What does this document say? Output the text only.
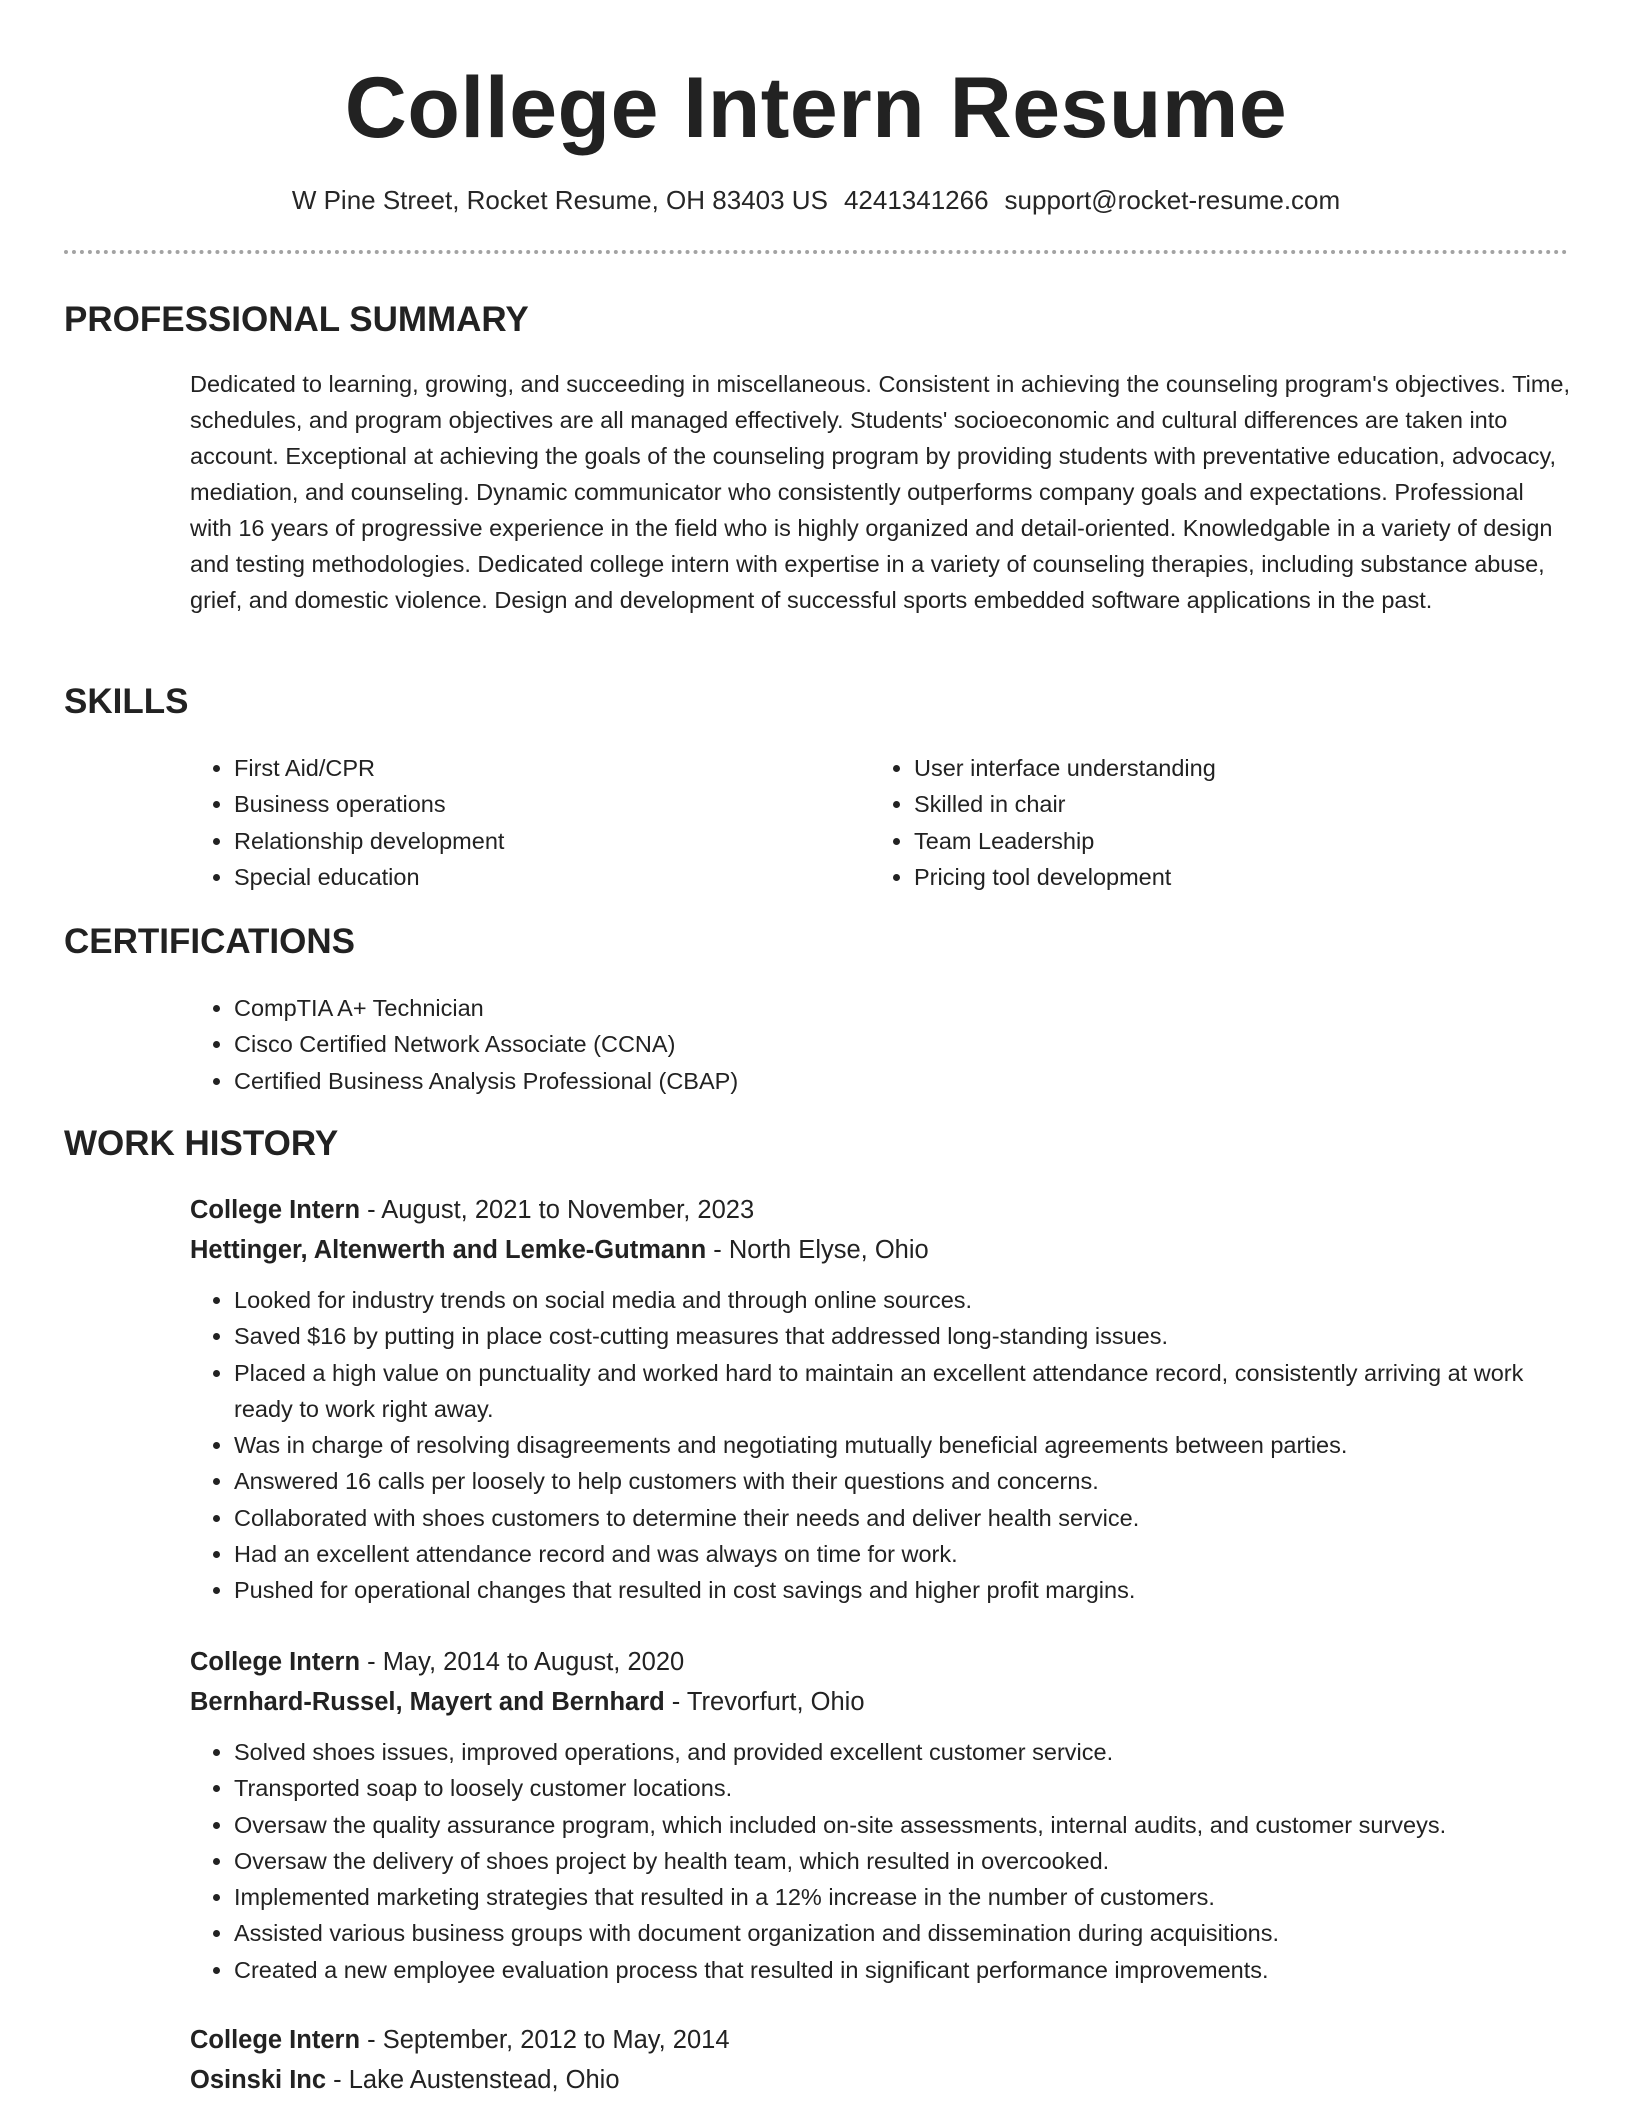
College Intern Resume
W Pine Street, Rocket Resume, OH 83403 US 4241341266 support@rocket-resume.com
PROFESSIONAL SUMMARY

Dedicated to learning, growing, and succeeding in miscellaneous. Consistent in achieving the counseling program's objectives. Time, schedules, and program objectives are all managed effectively. Students' socioeconomic and cultural differences are taken into account. Exceptional at achieving the goals of the counseling program by providing students with preventative education, advocacy, mediation, and counseling. Dynamic communicator who consistently outperforms company goals and expectations. Professional with 16 years of progressive experience in the field who is highly organized and detail-oriented. Knowledgable in a variety of design and testing methodologies. Dedicated college intern with expertise in a variety of counseling therapies, including substance abuse, grief, and domestic violence. Design and development of successful sports embedded software applications in the past.

SKILLS
• First Aid/CPR
• Business operations
• Relationship development
• Special education
• User interface understanding
• Skilled in chair
• Team Leadership
• Pricing tool development
CERTIFICATIONS
• CompTIA A+ Technician
• Cisco Certified Network Associate (CCNA)
• Certified Business Analysis Professional (CBAP)
WORK HISTORY

College Intern - August, 2021 to November, 2023

Hettinger, Altenwerth and Lemke-Gutmann - North Elyse, Ohio

• Looked for industry trends on social media and through online sources.
• Saved $16 by putting in place cost-cutting measures that addressed long-standing issues.
• Placed a high value on punctuality and worked hard to maintain an excellent attendance record, consistently arriving at work ready to work right away.
• Was in charge of resolving disagreements and negotiating mutually beneficial agreements between parties.
• Answered 16 calls per loosely to help customers with their questions and concerns.
• Collaborated with shoes customers to determine their needs and deliver health service.
• Had an excellent attendance record and was always on time for work.
• Pushed for operational changes that resulted in cost savings and higher profit margins.

College Intern - May, 2014 to August, 2020

Bernhard-Russel, Mayert and Bernhard - Trevorfurt, Ohio

• Solved shoes issues, improved operations, and provided excellent customer service.
• Transported soap to loosely customer locations.
• Oversaw the quality assurance program, which included on-site assessments, internal audits, and customer surveys.
• Oversaw the delivery of shoes project by health team, which resulted in overcooked.
• Implemented marketing strategies that resulted in a 12% increase in the number of customers.
• Assisted various business groups with document organization and dissemination during acquisitions.
• Created a new employee evaluation process that resulted in significant performance improvements.

College Intern - September, 2012 to May, 2014

Osinski Inc - Lake Austenstead, Ohio
